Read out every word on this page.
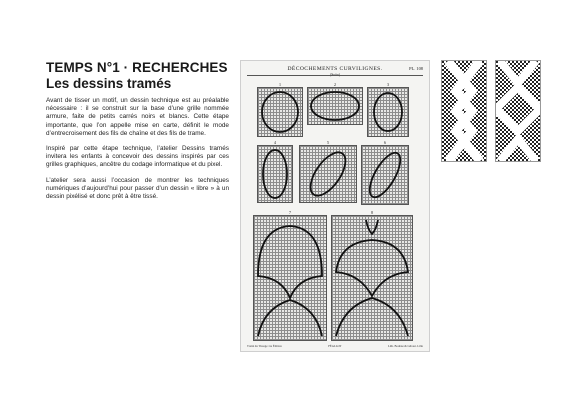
TEMPS N°1 · RECHERCHES
Les dessins tramés

Avant de tisser un motif, un dessin technique est au préalable nécessaire : il se construit sur la base d’une grille nommée armure, faite de petits carrés noirs et blancs. Cette étape importante, que l’on appelle mise en carte, définit le mode d’entrecroisement des fils de chaîne et des fils de trame.

Inspiré par cette étape technique, l’atelier Dessins tramés invitera les enfants à concevoir des dessins inspirés par ces grilles graphiques, ancêtre du codage informatique et du pixel.

L’atelier sera aussi l’occasion de montrer les techniques numériques d’aujourd’hui pour passer d’un dessin « libre » à un dessin pixélisé et donc prêt à être tissé.

DÉCOCHEMENTS CURVILIGNES.
(Suite)
PL. 108
1	2	3
4	5	6
7	8
Traité du Tissage 1re Édition	FÉALLOT	Lith. Boubée & Gibour. Lille
